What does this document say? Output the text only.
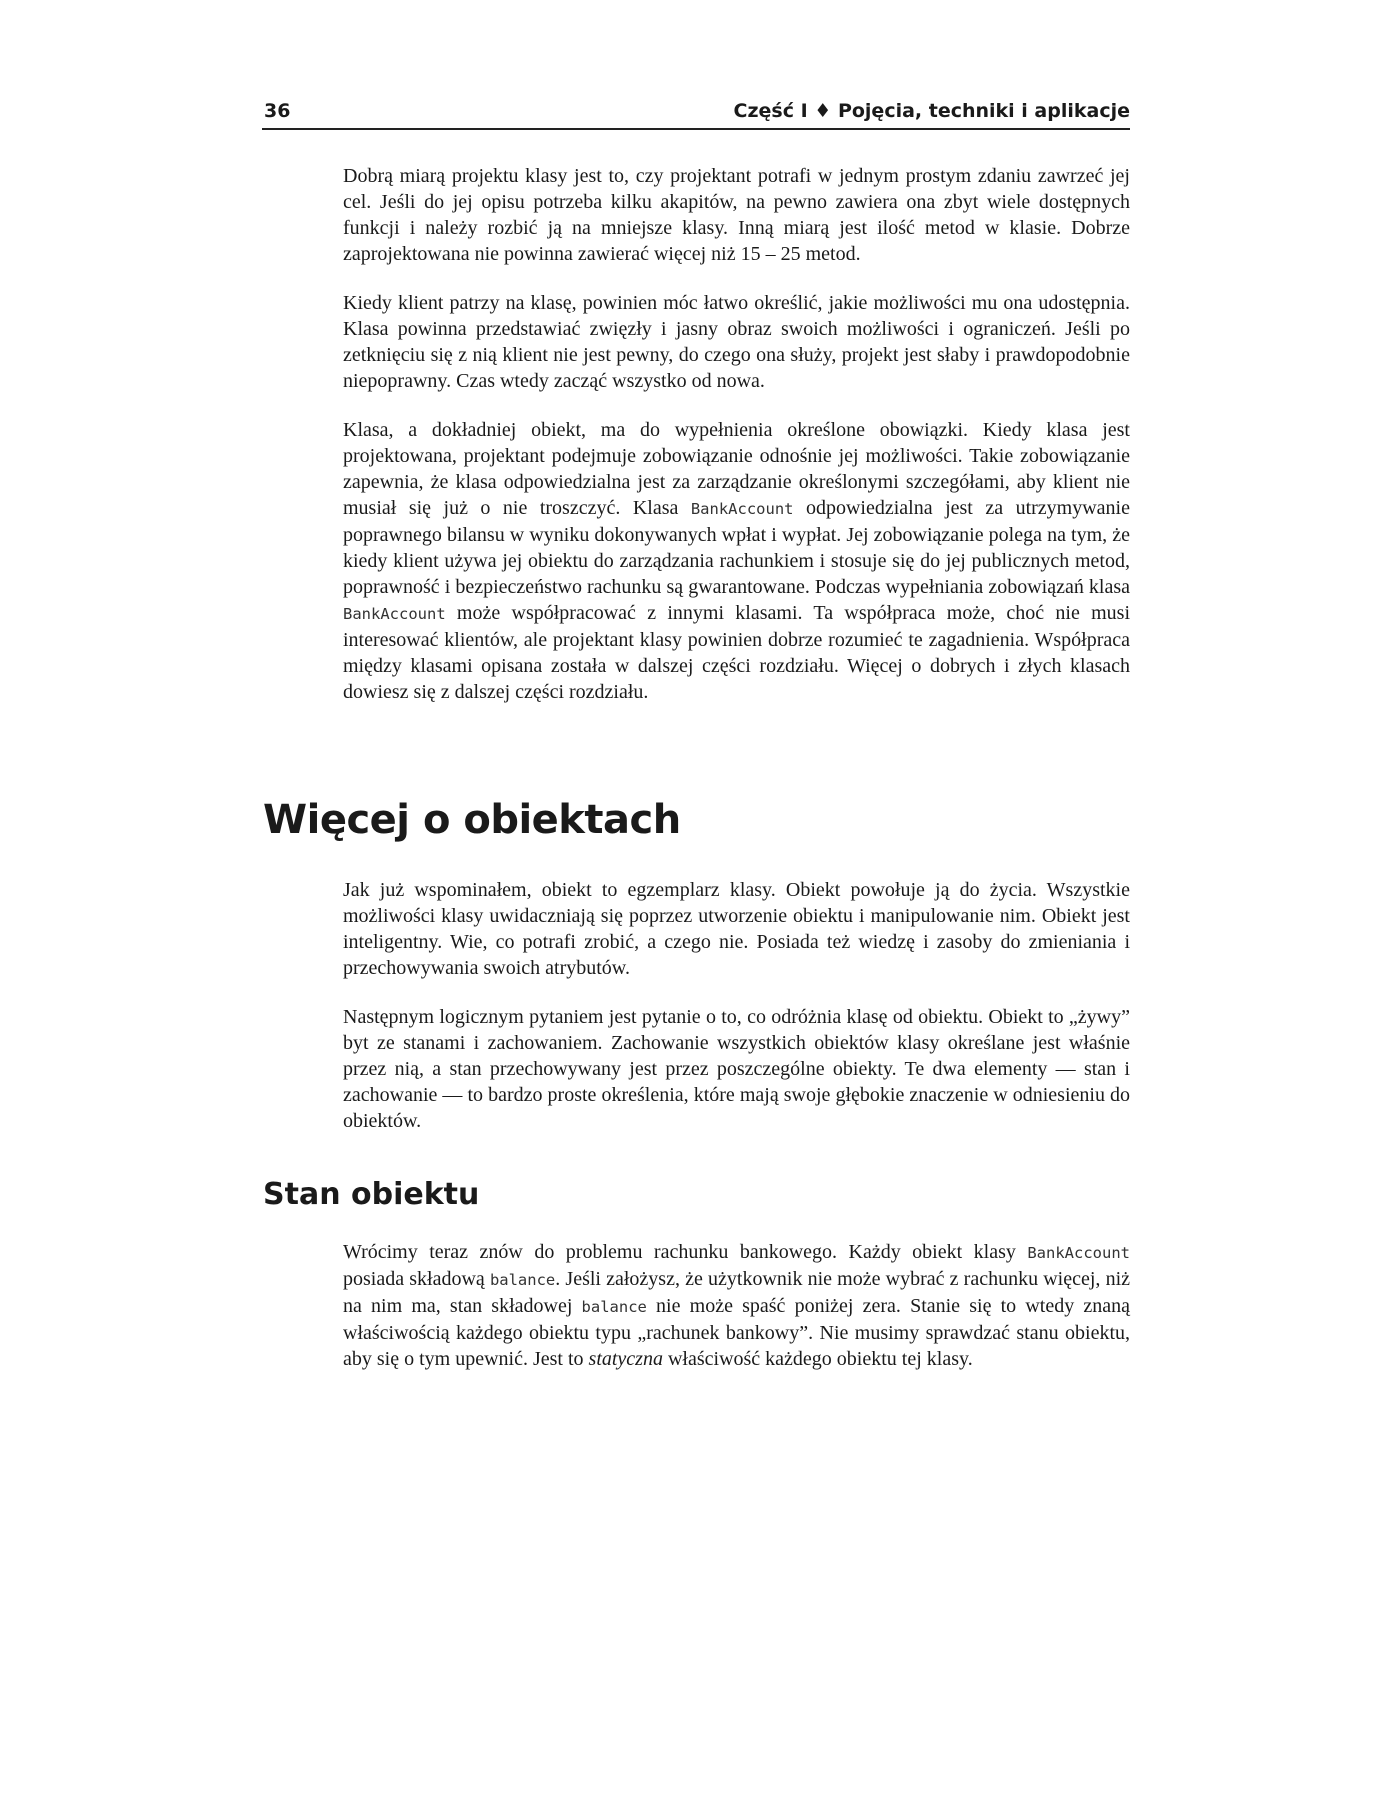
36	Część I ♦ Pojęcia, techniki i aplikacje

Dobrą miarą projektu klasy jest to, czy projektant potrafi w jednym prostym zdaniu zawrzeć jej cel. Jeśli do jej opisu potrzeba kilku akapitów, na pewno zawiera ona zbyt wiele dostępnych funkcji i należy rozbić ją na mniejsze klasy. Inną miarą jest ilość metod w klasie. Dobrze zaprojektowana nie powinna zawierać więcej niż 15 – 25 metod.

Kiedy klient patrzy na klasę, powinien móc łatwo określić, jakie możliwości mu ona udostępnia. Klasa powinna przedstawiać zwięzły i jasny obraz swoich możliwości i ograniczeń. Jeśli po zetknięciu się z nią klient nie jest pewny, do czego ona służy, projekt jest słaby i prawdopodobnie niepoprawny. Czas wtedy zacząć wszystko od nowa.

Klasa, a dokładniej obiekt, ma do wypełnienia określone obowiązki. Kiedy klasa jest projektowana, projektant podejmuje zobowiązanie odnośnie jej możliwości. Takie zobowiązanie zapewnia, że klasa odpowiedzialna jest za zarządzanie określonymi szczegółami, aby klient nie musiał się już o nie troszczyć. Klasa BankAccount odpowiedzialna jest za utrzymywanie poprawnego bilansu w wyniku dokonywanych wpłat i wypłat. Jej zobowiązanie polega na tym, że kiedy klient używa jej obiektu do zarządzania rachunkiem i stosuje się do jej publicznych metod, poprawność i bezpieczeństwo rachunku są gwarantowane. Podczas wypełniania zobowiązań klasa BankAccount może współpracować z innymi klasami. Ta współpraca może, choć nie musi interesować klientów, ale projektant klasy powinien dobrze rozumieć te zagadnienia. Współpraca między klasami opisana została w dalszej części rozdziału. Więcej o dobrych i złych klasach dowiesz się z dalszej części rozdziału.

Więcej o obiektach

Jak już wspominałem, obiekt to egzemplarz klasy. Obiekt powołuje ją do życia. Wszystkie możliwości klasy uwidaczniają się poprzez utworzenie obiektu i manipulowanie nim. Obiekt jest inteligentny. Wie, co potrafi zrobić, a czego nie. Posiada też wiedzę i zasoby do zmieniania i przechowywania swoich atrybutów.

Następnym logicznym pytaniem jest pytanie o to, co odróżnia klasę od obiektu. Obiekt to „żywy” byt ze stanami i zachowaniem. Zachowanie wszystkich obiektów klasy określane jest właśnie przez nią, a stan przechowywany jest przez poszczególne obiekty. Te dwa elementy — stan i zachowanie — to bardzo proste określenia, które mają swoje głębokie znaczenie w odniesieniu do obiektów.

Stan obiektu

Wrócimy teraz znów do problemu rachunku bankowego. Każdy obiekt klasy BankAccount posiada składową balance. Jeśli założysz, że użytkownik nie może wybrać z rachunku więcej, niż na nim ma, stan składowej balance nie może spaść poniżej zera. Stanie się to wtedy znaną właściwością każdego obiektu typu „rachunek bankowy”. Nie musimy sprawdzać stanu obiektu, aby się o tym upewnić. Jest to statyczna właściwość każdego obiektu tej klasy.
